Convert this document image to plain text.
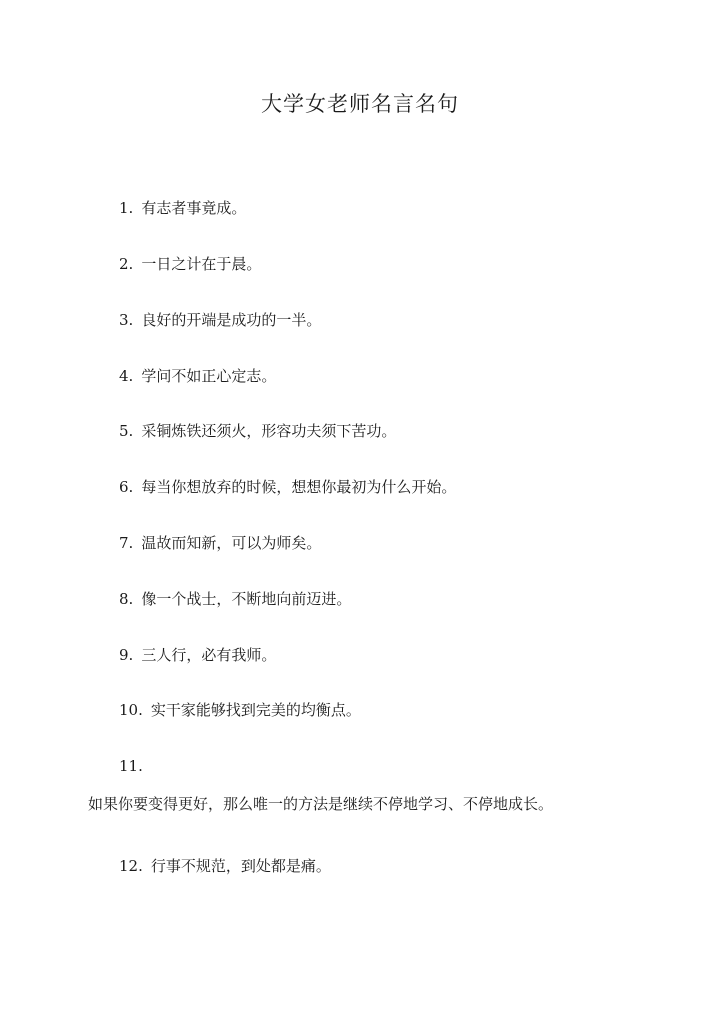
大学女老师名言名句
1. 有志者事竟成。
2. 一日之计在于晨。
3. 良好的开端是成功的一半。
4. 学问不如正心定志。
5. 采铜炼铁还须火，形容功夫须下苦功。
6. 每当你想放弃的时候，想想你最初为什么开始。
7. 温故而知新，可以为师矣。
8. 像一个战士，不断地向前迈进。
9. 三人行，必有我师。
10. 实干家能够找到完美的均衡点。
11.
如果你要变得更好，那么唯一的方法是继续不停地学习、不停地成长。
12. 行事不规范，到处都是痛。
